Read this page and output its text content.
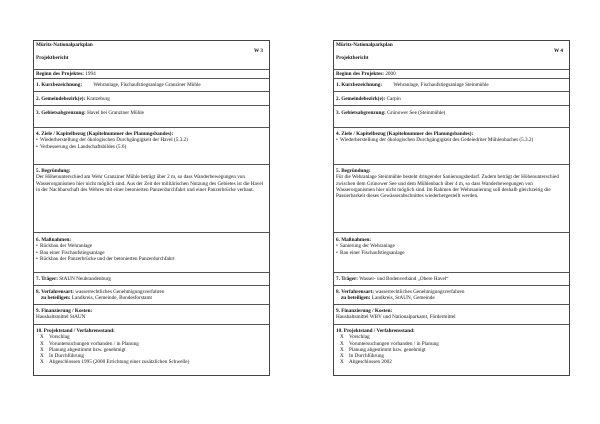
Müritz-Nationalparkplan
W 3
Projektbericht
Beginn des Projektes: 1994
1. Kurzbezeichnung: Wehranlage, Fischaufstiegsanlage Granziner Mühle
2. Gemeindebezirk(e): Kratzeburg
3. Gebietsabgrenzung: Havel bei Granziner Mühle
4. Ziele / Kapitelbezug (Kapitelnummer des Planungsbandes):
• Wiederherstellung der ökologischen Durchgängigkeit der Havel (5.3.2)
• Verbesserung des Landschaftsbildes (5.6)
5. Begründung:
Der Höhenunterschied am Wehr Granziner Mühle beträgt über 2 m, so dass Wanderbewegungen von Wasserorganismen hier nicht möglich sind. Aus der Zeit der militärischen Nutzung des Gebietes ist die Havel in der Nachbarschaft des Wehres mit einer betonierten Panzerdurchfahrt und einer Panzerbrücke verbaut.
6. Maßnahmen:
• Rückbau der Wehranlage
• Bau einer Fischaufstiegsanlage
• Rückbau der Panzerbrücke und der betonierten Panzerdurchfahrt
7. Träger: StAUN Neubrandenburg
8. Verfahrensart: wasserrechtliches Genehmigungsverfahren
zu beteiligen: Landkreis, Gemeinde, Bundesforstamt
9. Finanzierung / Kosten:
Haushaltsmittel StAUN
10. Projektstand / Verfahrensstand:
X Vorschlag
X Voruntersuchungen vorhanden / in Planung
X Planung abgestimmt bzw. genehmigt
X In Durchführung
X Abgeschlossen 1995 (2000 Errichtung einer zusätzlichen Schwelle)
Müritz-Nationalparkplan
W 4
Projektbericht
Beginn des Projektes: 2000
1. Kurzbezeichnung: Wehranlage, Fischaufstiegsanlage Steinmühle
2. Gemeindebezirk(e): Carpin
3. Gebietsabgrenzung: Grünower See (Steinmühle)
4. Ziele / Kapitelbezug (Kapitelnummer des Planungsbandes):
• Wiederherstellung der ökologischen Durchgängigkeit des Gedeiedriter Mühlenbaches (5.3.2)
5. Begründung:
Für die Wehranlage Steinmühle besteht dringender Sanierungsbedarf. Zudem beträgt der Höhenunterschied zwischen dem Grünower See und dem Mühlenbach über 4 m, so dass Wanderbewegungen von Wasserorganismen hier nicht möglich sind. Im Rahmen der Wehrsanierung soll deshalb gleichzeitig die Passierbarkeit dieses Gewässerabschnittes wiederhergestellt werden.
6. Maßnahmen:
• Sanierung der Wehranlage
• Bau einer Fischaufstiegsanlage
7. Träger: Wasser- und Bodenverband „Obere Havel“
8. Verfahrensart: wasserrechtliches Genehmigungsverfahren
zu beteiligen: Landkreis, StAUN, Gemeinde
9. Finanzierung / Kosten:
Haushaltsmittel WBV und Nationalparkamt, Fördermittel
10. Projektstand / Verfahrensstand:
X Vorschlag
X Voruntersuchungen vorhanden / in Planung
X Planung abgestimmt bzw. genehmigt
X In Durchführung
X Abgeschlossen 2002
